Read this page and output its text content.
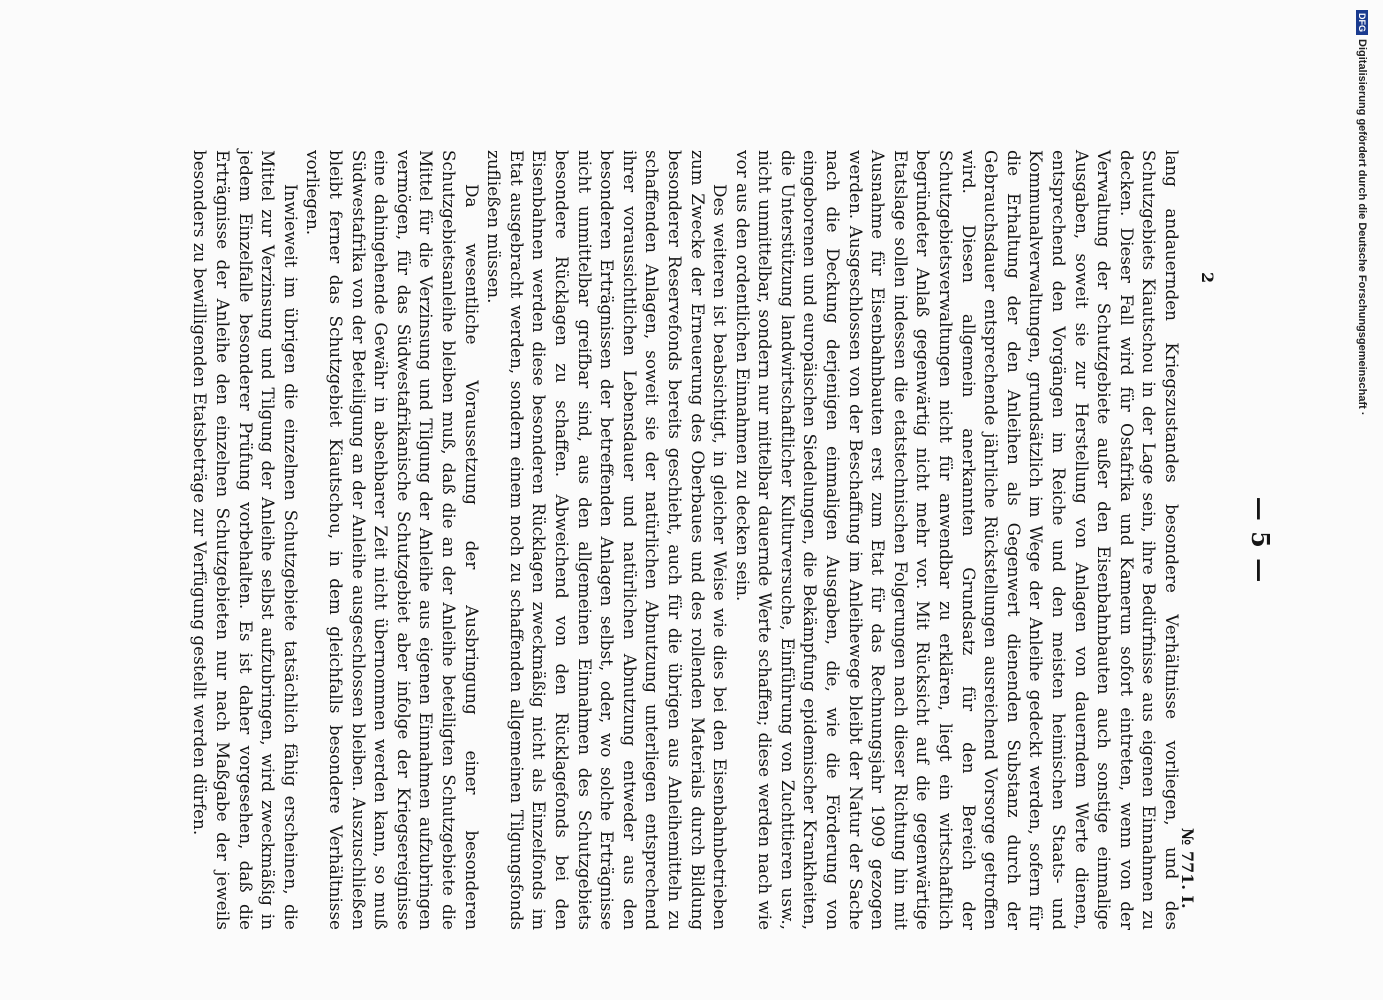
— 5 —

lang andauernden Kriegszustandes besondere Verhältnisse vorliegen, und des Schutzgebiets Kiautschou in der Lage sein, ihre Bedürfnisse aus eigenen Einnahmen zu decken. Dieser Fall wird für Ostafrika und Kamerun sofort eintreten, wenn von der Verwaltung der Schutzgebiete außer den Eisenbahnbauten auch sonstige einmalige Ausgaben, soweit sie zur Herstellung von Anlagen von dauerndem Werte dienen, entsprechend den Vorgängen im Reiche und den meisten heimischen Staats- und Kommunalverwaltungen, grundsätzlich im Wege der Anleihe gedeckt werden, sofern für die Erhaltung der den Anleihen als Gegenwert dienenden Substanz durch der Gebrauchsdauer entsprechende jährliche Rückstellungen ausreichend Vorsorge getroffen wird. Diesen allgemein anerkannten Grundsatz für den Bereich der Schutzgebietsverwaltungen nicht für anwendbar zu erklären, liegt ein wirtschaftlich begründeter Anlaß gegenwärtig nicht mehr vor. Mit Rücksicht auf die gegenwärtige Etatslage sollen indessen die etatstechnischen Folgerungen nach dieser Richtung hin mit Ausnahme für Eisenbahnbauten erst zum Etat für das Rechnungsjahr 1909 gezogen werden. Ausgeschlossen von der Beschaffung im Anleihewege bleibt der Natur der Sache nach die Deckung derjenigen einmaligen Ausgaben, die, wie die Förderung von eingeborenen und europäischen Siedelungen, die Bekämpfung epidemischer Krankheiten, die Unterstützung landwirtschaftlicher Kulturversuche, Einführung von Zuchttieren usw., nicht unmittelbar, sondern nur mittelbar dauernde Werte schaffen; diese werden nach wie vor aus den ordentlichen Einnahmen zu decken sein.

Des weiteren ist beabsichtigt, in gleicher Weise wie dies bei den Eisenbahnbetrieben zum Zwecke der Erneuerung des Oberbaues und des rollenden Materials durch Bildung besonderer Reservefonds bereits geschieht, auch für die übrigen aus Anleihemitteln zu schaffenden Anlagen, soweit sie der natürlichen Abnutzung unterliegen entsprechend ihrer voraussichtlichen Lebensdauer und natürlichen Abnutzung entweder aus den besonderen Erträgnissen der betreffenden Anlagen selbst, oder, wo solche Erträgnisse nicht unmittelbar greifbar sind, aus den allgemeinen Einnahmen des Schutzgebiets besondere Rücklagen zu schaffen. Abweichend von den Rücklagefonds bei den Eisenbahnen werden diese besonderen Rücklagen zweckmäßig nicht als Einzelfonds im Etat ausgebracht werden, sondern einem noch zu schaffenden allgemeinen Tilgungsfonds zufließen müssen.

Da wesentliche Voraussetzung der Ausbringung einer besonderen Schutzgebietsanleihe bleiben muß, daß die an der Anleihe beteiligten Schutzgebiete die Mittel für die Verzinsung und Tilgung der Anleihe aus eigenen Einnahmen aufzubringen vermögen, für das Südwestafrikanische Schutzgebiet aber infolge der Kriegsereignisse eine dahingehende Gewähr in absehbarer Zeit nicht übernommen werden kann, so muß Südwestafrika von der Beteiligung an der Anleihe ausgeschlossen bleiben. Auszuschließen bleibt ferner das Schutzgebiet Kiautschou, in dem gleichfalls besondere Verhältnisse vorliegen.

Inwieweit im übrigen die einzelnen Schutzgebiete tatsächlich fähig erscheinen, die Mittel zur Verzinsung und Tilgung der Anleihe selbst aufzubringen, wird zweckmäßig in jedem Einzelfalle besonderer Prüfung vorbehalten. Es ist daher vorgesehen, daß die Erträgnisse der Anleihe den einzelnen Schutzgebieten nur nach Maßgabe der jeweils besonders zu bewilligenden Etatsbeträge zur Verfügung gestellt werden dürfen.

№ 771. I.
2
DFG
Digitalisierung gefördert durch die Deutsche Forschungsgemeinschaft ·
